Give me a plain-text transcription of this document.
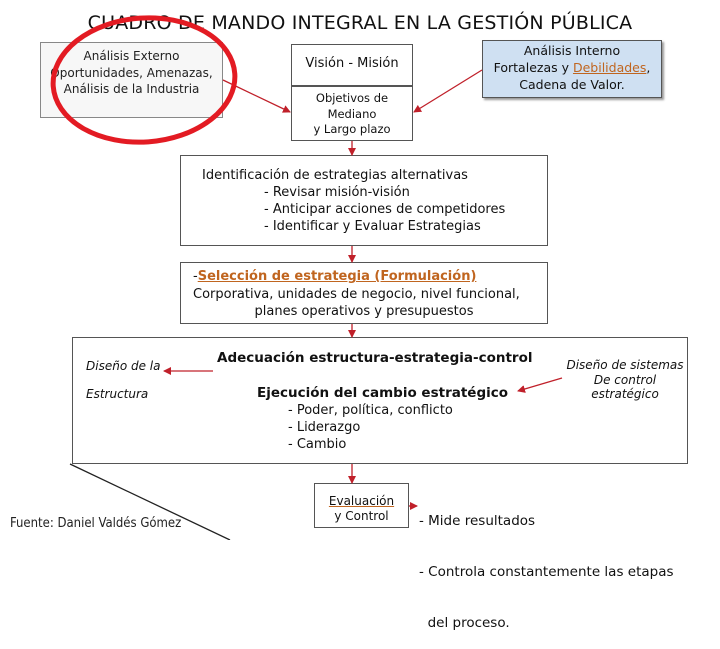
CUADRO DE MANDO INTEGRAL EN LA GESTIÓN PÚBLICA
Análisis Externo
Oportunidades, Amenazas,
Análisis de la Industria
Visión - Misión
Análisis Interno
Fortalezas y Debilidades,
Cadena de Valor.
Objetivos de
Mediano
y Largo plazo
Identificación de estrategias alternativas
- Revisar misión-visión
- Anticipar acciones de competidores
- Identificar y Evaluar Estrategias
-Selección de estrategia (Formulación)
Corporativa, unidades de negocio, nivel funcional,
planes operativos y presupuestos
Diseño de la
Estructura
Adecuación estructura-estrategia-control
Ejecución del cambio estratégico
- Poder, política, conflicto
- Liderazgo
- Cambio
Diseño de sistemas
De control
estratégico
Evaluación
y Control

	- Mide resultados

- Controla constantemente las etapas

del proceso.

Fuente: Daniel Valdés Gómez
